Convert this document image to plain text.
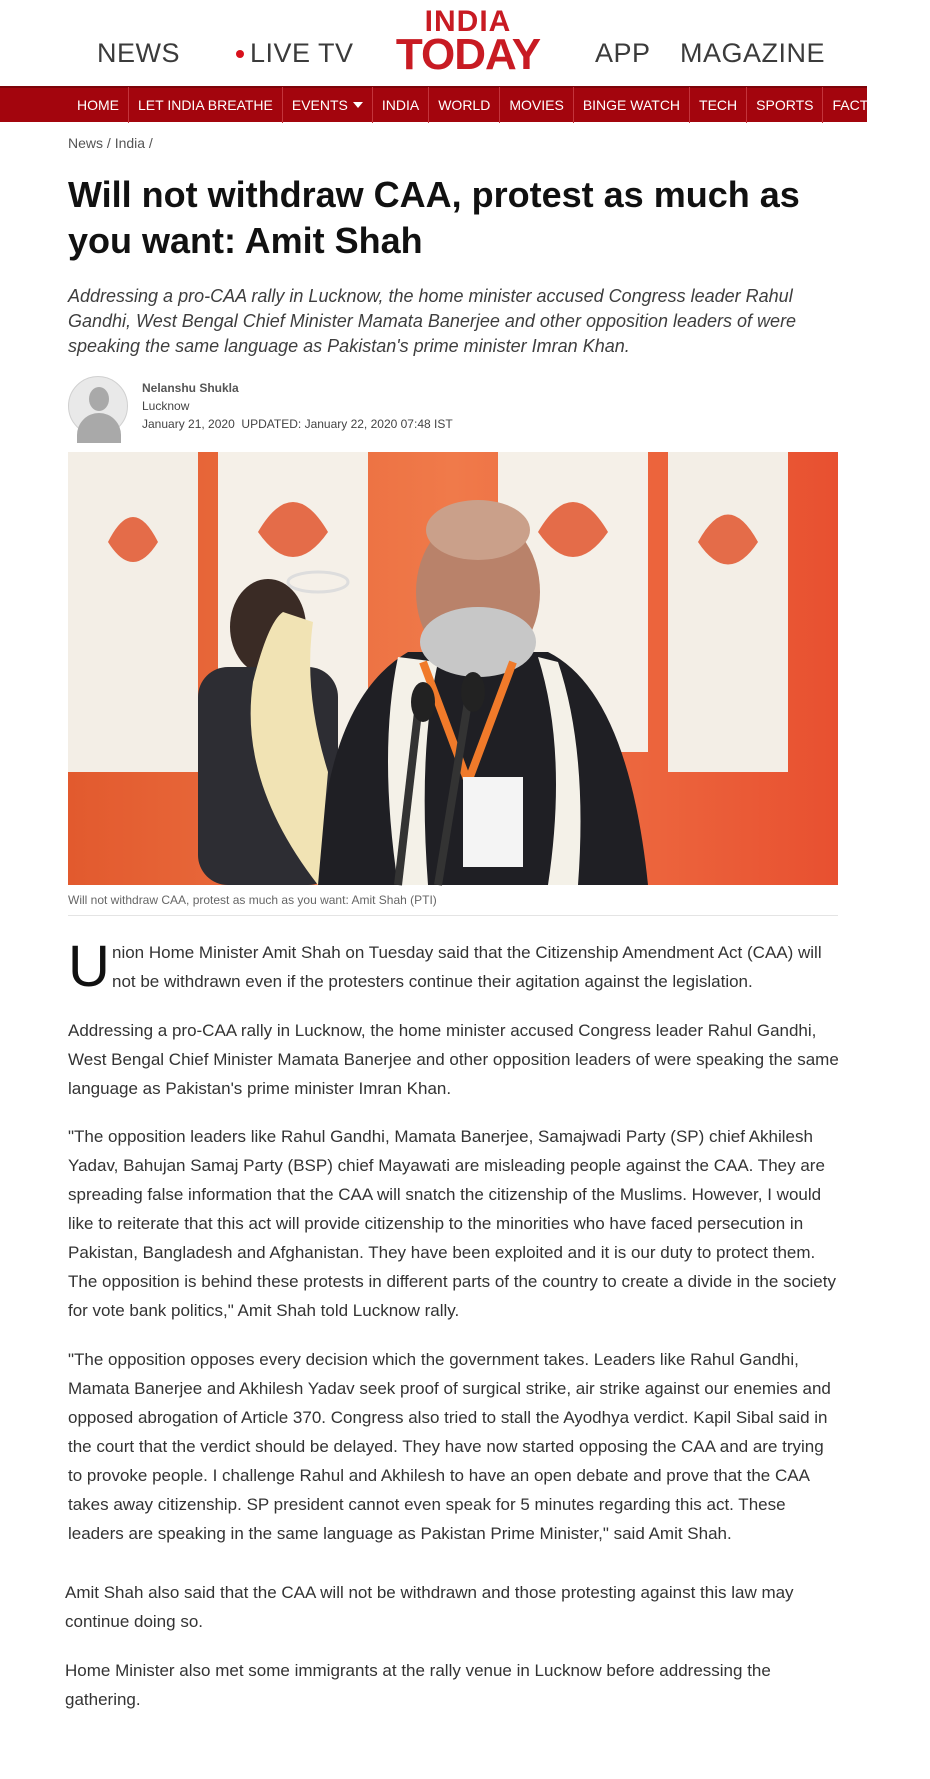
NEWS	LIVE TV
INDIA
TODAY APP MAGAZINE
HOME	LET INDIA BREATHE	EVENTS	INDIA	WORLD	MOVIES	BINGE WATCH	TECH	SPORTS	FACT CHECK
News / India /
Will not withdraw CAA, protest as much as you want: Amit Shah

Addressing a pro-CAA rally in Lucknow, the home minister accused Congress leader Rahul Gandhi, West Bengal Chief Minister Mamata Banerjee and other opposition leaders of were speaking the same language as Pakistan's prime minister Imran Khan.

Nelanshu Shukla
Lucknow
January 21, 2020 UPDATED: January 22, 2020 07:48 IST
Will not withdraw CAA, protest as much as you want: Amit Shah (PTI)
U nion Home Minister Amit Shah on Tuesday said that the Citizenship Amendment Act (CAA) will not be withdrawn even if the protesters continue their agitation against the legislation.

Addressing a pro-CAA rally in Lucknow, the home minister accused Congress leader Rahul Gandhi, West Bengal Chief Minister Mamata Banerjee and other opposition leaders of were speaking the same language as Pakistan's prime minister Imran Khan.

"The opposition leaders like Rahul Gandhi, Mamata Banerjee, Samajwadi Party (SP) chief Akhilesh Yadav, Bahujan Samaj Party (BSP) chief Mayawati are misleading people against the CAA. They are spreading false information that the CAA will snatch the citizenship of the Muslims. However, I would like to reiterate that this act will provide citizenship to the minorities who have faced persecution in Pakistan, Bangladesh and Afghanistan. They have been exploited and it is our duty to protect them. The opposition is behind these protests in different parts of the country to create a divide in the society for vote bank politics," Amit Shah told Lucknow rally.

"The opposition opposes every decision which the government takes. Leaders like Rahul Gandhi, Mamata Banerjee and Akhilesh Yadav seek proof of surgical strike, air strike against our enemies and opposed abrogation of Article 370. Congress also tried to stall the Ayodhya verdict. Kapil Sibal said in the court that the verdict should be delayed. They have now started opposing the CAA and are trying to provoke people. I challenge Rahul and Akhilesh to have an open debate and prove that the CAA takes away citizenship. SP president cannot even speak for 5 minutes regarding this act. These leaders are speaking in the same language as Pakistan Prime Minister," said Amit Shah.

Amit Shah also said that the CAA will not be withdrawn and those protesting against this law may continue doing so.

Home Minister also met some immigrants at the rally venue in Lucknow before addressing the gathering.
